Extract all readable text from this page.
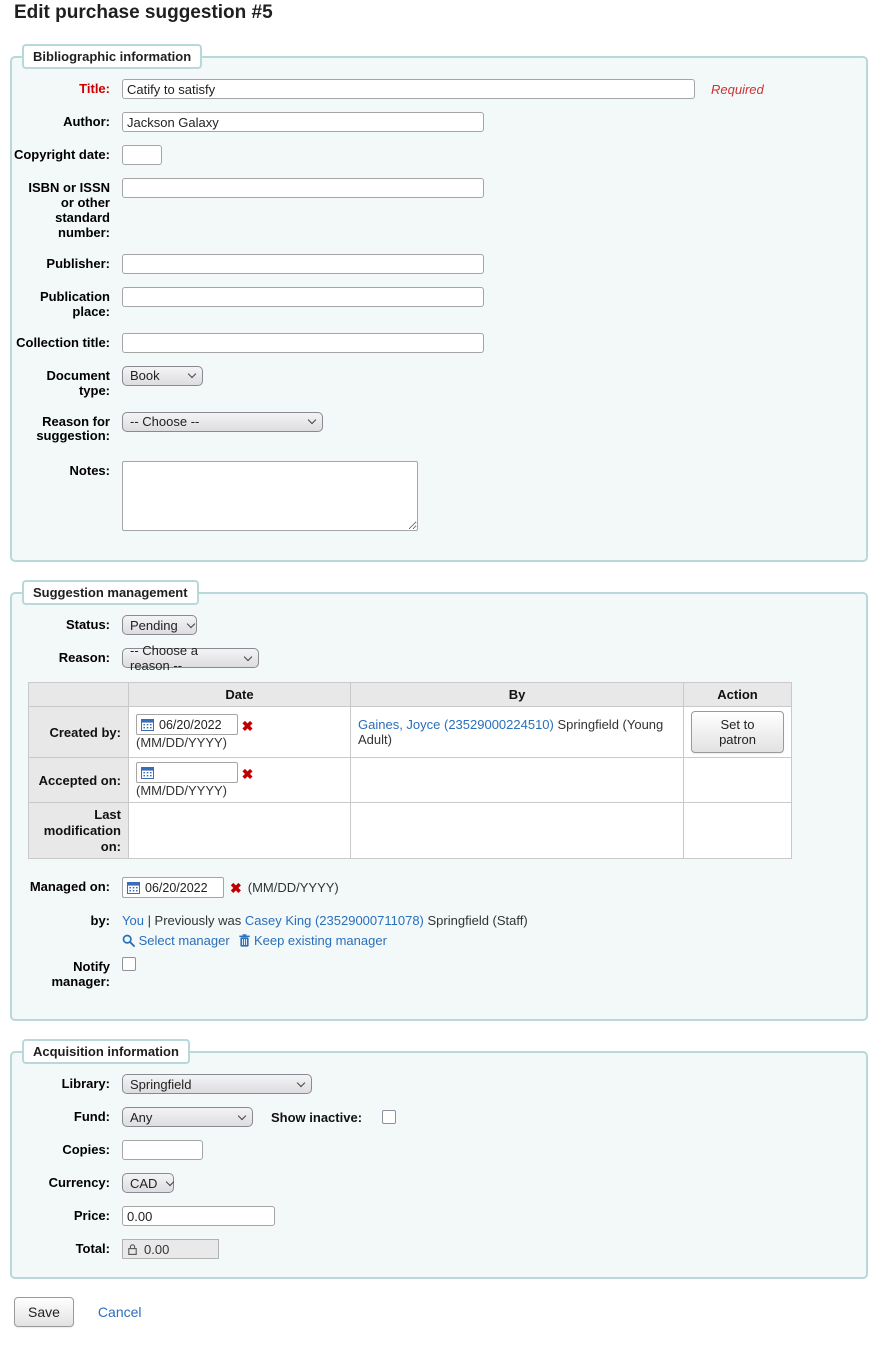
Edit purchase suggestion #5
Bibliographic information
Title:
Catify to satisfy	Required
Author:
Jackson Galaxy
Copyright date:
ISBN or ISSN or other standard number:
Publisher:
Publication place:
Collection title:
Document type:
Book
Reason for suggestion:
-- Choose --
Notes:
Suggestion management
Status: Pending
Reason: -- Choose a reason --
	Date	By	Action
Created by:	06/20/2022 ✖ (MM/DD/YYYY)	Gaines, Joyce (23529000224510) Springfield (Young Adult)	Set to patron
Accepted on:	✖ (MM/DD/YYYY)		
Last modification on:			
Managed on:	06/20/2022 ✖ (MM/DD/YYYY)
by: You | Previously was Casey King (23529000711078) Springfield (Staff)
Select manager Keep existing manager
Notify manager:
Acquisition information
Library: Springfield
Fund: Any	Show inactive:
Copies:
Currency: CAD
Price:
0.00
Total:
0.00
Save	Cancel
